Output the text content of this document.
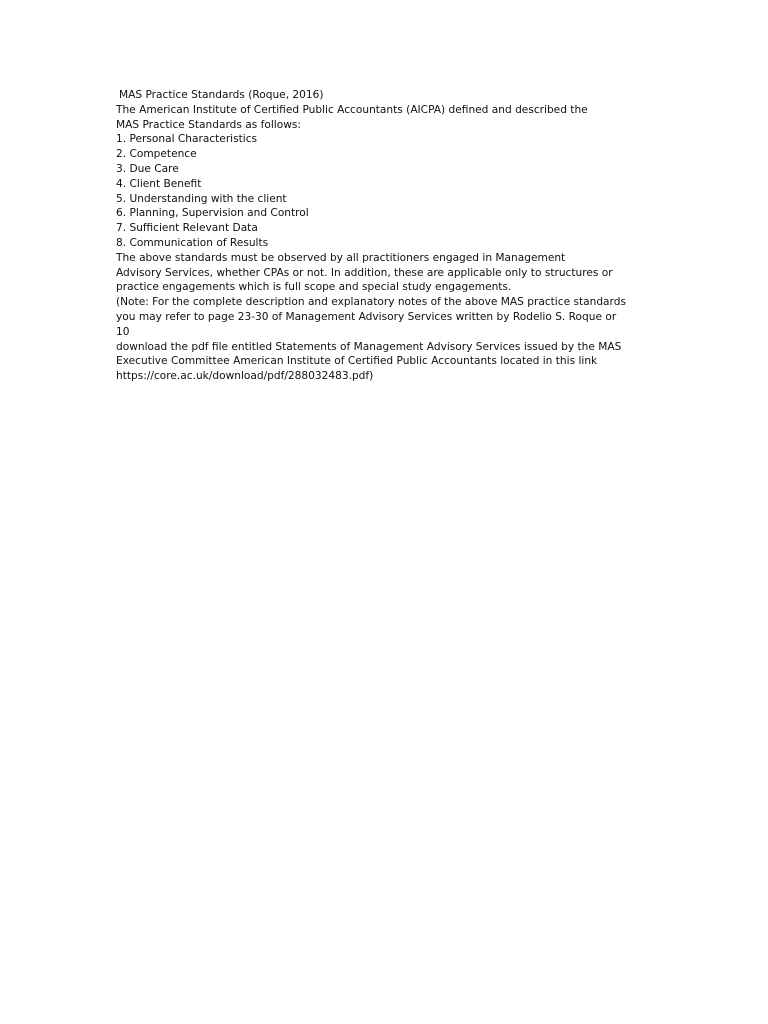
MAS Practice Standards (Roque, 2016)
The American Institute of Certified Public Accountants (AICPA) defined and described the
MAS Practice Standards as follows:
1. Personal Characteristics
2. Competence
3. Due Care
4. Client Benefit
5. Understanding with the client
6. Planning, Supervision and Control
7. Sufficient Relevant Data
8. Communication of Results
The above standards must be observed by all practitioners engaged in Management
Advisory Services, whether CPAs or not. In addition, these are applicable only to structures or
practice engagements which is full scope and special study engagements.
(Note: For the complete description and explanatory notes of the above MAS practice standards
you may refer to page 23-30 of Management Advisory Services written by Rodelio S. Roque or
10
download the pdf file entitled Statements of Management Advisory Services issued by the MAS
Executive Committee American Institute of Certified Public Accountants located in this link
https://core.ac.uk/download/pdf/288032483.pdf)
